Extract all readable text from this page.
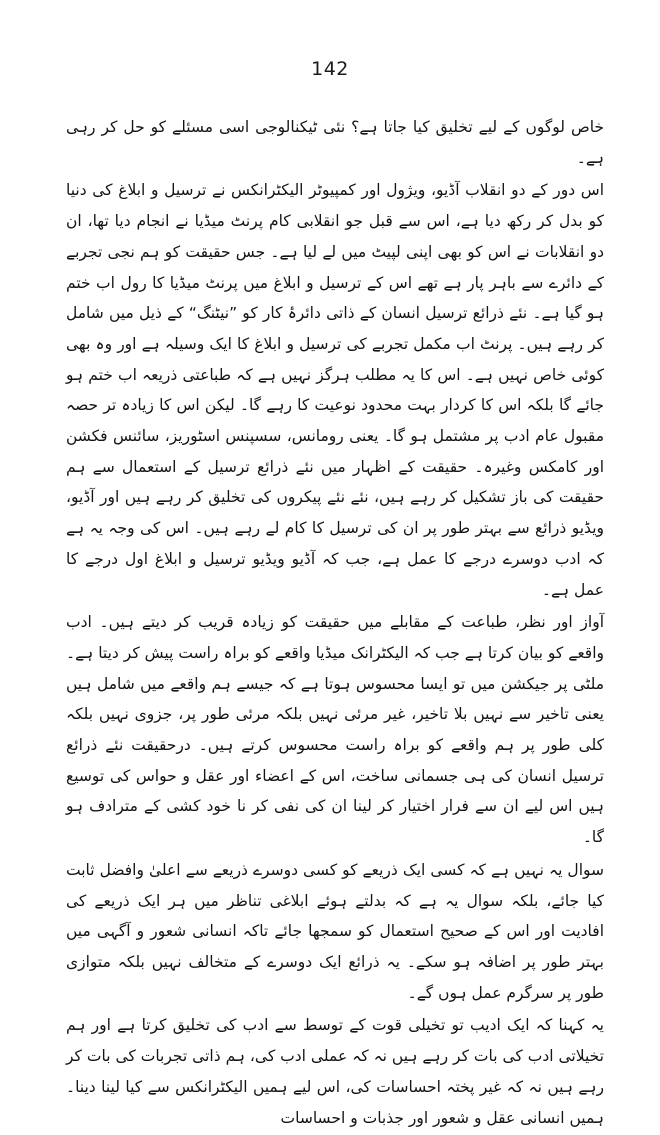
142

خاص لوگوں کے لیے تخلیق کیا جاتا ہے؟ نئی ٹیکنالوجی اسی مسئلے کو حل کر رہی ہے۔

اس دور کے دو انقلاب آڈیو، ویژول اور کمپیوٹر الیکٹرانکس نے ترسیل و ابلاغ کی دنیا کو بدل کر رکھ دیا ہے، اس سے قبل جو انقلابی کام پرنٹ میڈیا نے انجام دیا تھا، ان دو انقلابات نے اس کو بھی اپنی لپیٹ میں لے لیا ہے۔ جس حقیقت کو ہم نجی تجربے کے دائرے سے باہر پار ہے تھے اس کے ترسیل و ابلاغ میں پرنٹ میڈیا کا رول اب ختم ہو گیا ہے۔ نئے ذرائع ترسیل انسان کے ذاتی دائرۂ کار کو ”نیٹنگ“ کے ذیل میں شامل کر رہے ہیں۔ پرنٹ اب مکمل تجربے کی ترسیل و ابلاغ کا ایک وسیلہ ہے اور وہ بھی کوئی خاص نہیں ہے۔ اس کا یہ مطلب ہرگز نہیں ہے کہ طباعتی ذریعہ اب ختم ہو جائے گا بلکہ اس کا کردار بہت محدود نوعیت کا رہے گا۔ لیکن اس کا زیادہ تر حصہ مقبول عام ادب پر مشتمل ہو گا۔ یعنی رومانس، سسپنس اسٹوریز، سائنس فکشن اور کامکس وغیرہ۔ حقیقت کے اظہار میں نئے ذرائع ترسیل کے استعمال سے ہم حقیقت کی باز تشکیل کر رہے ہیں، نئے نئے پیکروں کی تخلیق کر رہے ہیں اور آڈیو، ویڈیو ذرائع سے بہتر طور پر ان کی ترسیل کا کام لے رہے ہیں۔ اس کی وجہ یہ ہے کہ ادب دوسرے درجے کا عمل ہے، جب کہ آڈیو ویڈیو ترسیل و ابلاغ اول درجے کا عمل ہے۔

آواز اور نظر، طباعت کے مقابلے میں حقیقت کو زیادہ قریب کر دیتے ہیں۔ ادب واقعے کو بیان کرتا ہے جب کہ الیکٹرانک میڈیا واقعے کو براہ راست پیش کر دیتا ہے۔ ملٹی پر جیکشن میں تو ایسا محسوس ہوتا ہے کہ جیسے ہم واقعے میں شامل ہیں یعنی تاخیر سے نہیں بلا تاخیر، غیر مرئی نہیں بلکہ مرئی طور پر، جزوی نہیں بلکہ کلی طور پر ہم واقعے کو براہ راست محسوس کرتے ہیں۔ درحقیقت نئے ذرائع ترسیل انسان کی ہی جسمانی ساخت، اس کے اعضاء اور عقل و حواس کی توسیع ہیں اس لیے ان سے فرار اختیار کر لینا ان کی نفی کر نا خود کشی کے مترادف ہو گا۔

سوال یہ نہیں ہے کہ کسی ایک ذریعے کو کسی دوسرے ذریعے سے اعلیٰ وافضل ثابت کیا جائے، بلکہ سوال یہ ہے کہ بدلتے ہوئے ابلاغی تناظر میں ہر ایک ذریعے کی افادیت اور اس کے صحیح استعمال کو سمجھا جائے تاکہ انسانی شعور و آگہی میں بہتر طور پر اضافہ ہو سکے۔ یہ ذرائع ایک دوسرے کے متخالف نہیں بلکہ متوازی طور پر سرگرم عمل ہوں گے۔

یہ کہنا کہ ایک ادیب تو تخیلی قوت کے توسط سے ادب کی تخلیق کرتا ہے اور ہم تخیلاتی ادب کی بات کر رہے ہیں نہ کہ عملی ادب کی، ہم ذاتی تجربات کی بات کر رہے ہیں نہ کہ غیر پختہ احساسات کی، اس لیے ہمیں الیکٹرانکس سے کیا لینا دینا۔ ہمیں انسانی عقل و شعور اور جذبات و احساسات
